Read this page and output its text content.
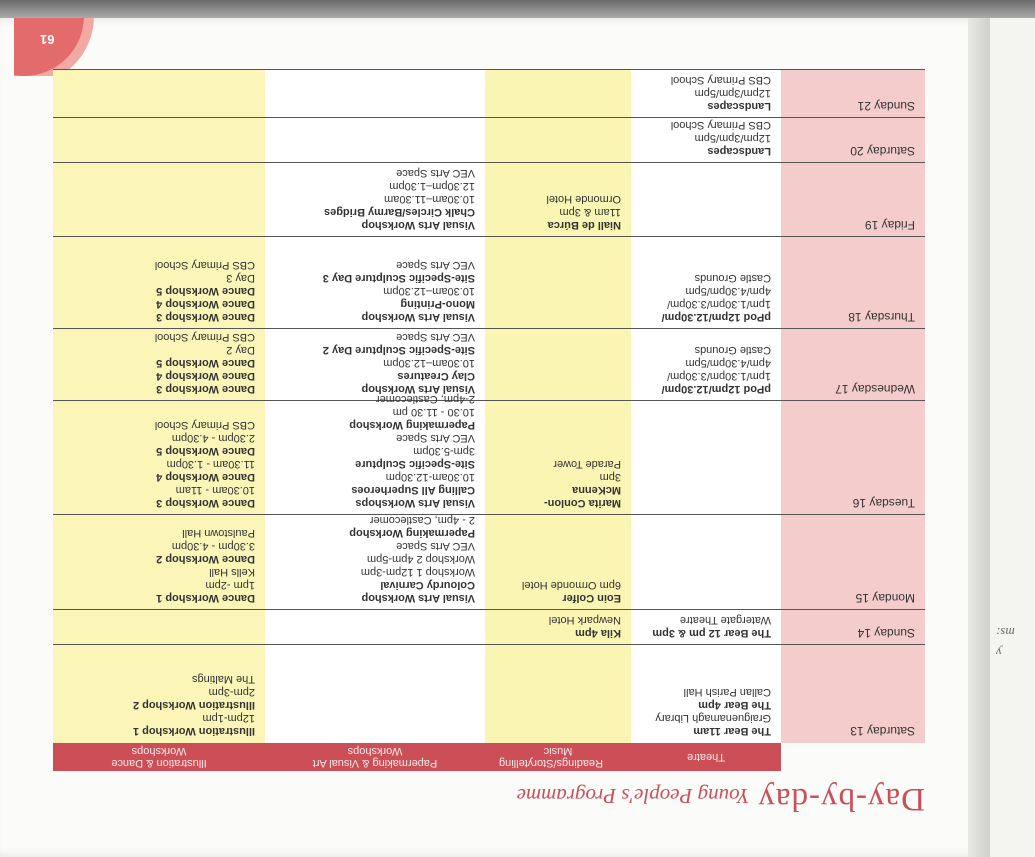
ms:
y
61
Day-by-dayYoung People's Programme
Theatre
Readings/Storytelling Music
Papermaking & Visual Art Workshops
Illustration & Dance Workshops
Saturday 13
The Bear 11am
Graiguenamagh Library
The Bear 4pm
Callan Parish Hall
Illustration Workshop 1
12pm-1pm
Illustration Workshop 2
2pm-3pm
The Maltings
Sunday 14
The Bear 12 pm & 3pm
Watergate Theatre
Kila 4pm
Newpark Hotel
Monday 15
Eoin Colfer
6pm Ormonde Hotel
Visual Arts Workshop
Colourdy Carnival
Workshop 1 12pm-3pm
Workshop 2 4pm-5pm
VEC Arts Space
Papermaking Workshop
2 - 4pm, Castlecomer
Dance Workshop 1
1pm -2pm
Kells Hall
Dance Workshop 2
3.30pm - 4.30pm
Paulstown Hall
Tuesday 16
Marita Conlon-
McKenna
3pm
Parade Tower
Visual Arts Workshops
Calling All Superheroes
10.30am-12.30pm
Site-Specific Sculpture
3pm-5.30pm
VEC Arts Space
Papermaking Workshop
10.30 - 11.30 pm
2-4pm, Castlecomer
Dance Workshop 3
10.30am - 11am
Dance Workshop 4
11.30am - 1.30pm
Dance Workshop 5
2.30pm - 4.30pm
CBS Primary School
Wednesday 17
pPod 12pm/12.30pm/
1pm/1.30pm/3.30pm/
4pm/4.30pm/5pm
Castle Grounds
Visual Arts Workshop
Clay Creatures
10.30am–12.30pm
Site-Specific Sculpture Day 2
VEC Arts Space
Dance Workshop 3
Dance Workshop 4
Dance Workshop 5
Day 2
CBS Primary School
Thursday 18
pPod 12pm/12.30pm/
1pm/1.30pm/3.30pm/
4pm/4.30pm/5pm
Castle Grounds
Visual Arts Workshop
Mono-Printing
10.30am–12.30pm
Site-Specific Sculpture Day 3
VEC Arts Space
Dance Workshop 3
Dance Workshop 4
Dance Workshop 5
Day 3
CBS Primary School
Friday 19
Niall de Búrca
11am & 3pm
Ormonde Hotel
Visual Arts Workshop
Chalk Circles/Barmy Bridges
10.30am–11.30am
12.30pm–1.30pm
VEC Arts Space
Saturday 20
Landscapes
12pm/3pm/5pm
CBS Primary School
Sunday 21
Landscapes
12pm/3pm/5pm
CBS Primary School
